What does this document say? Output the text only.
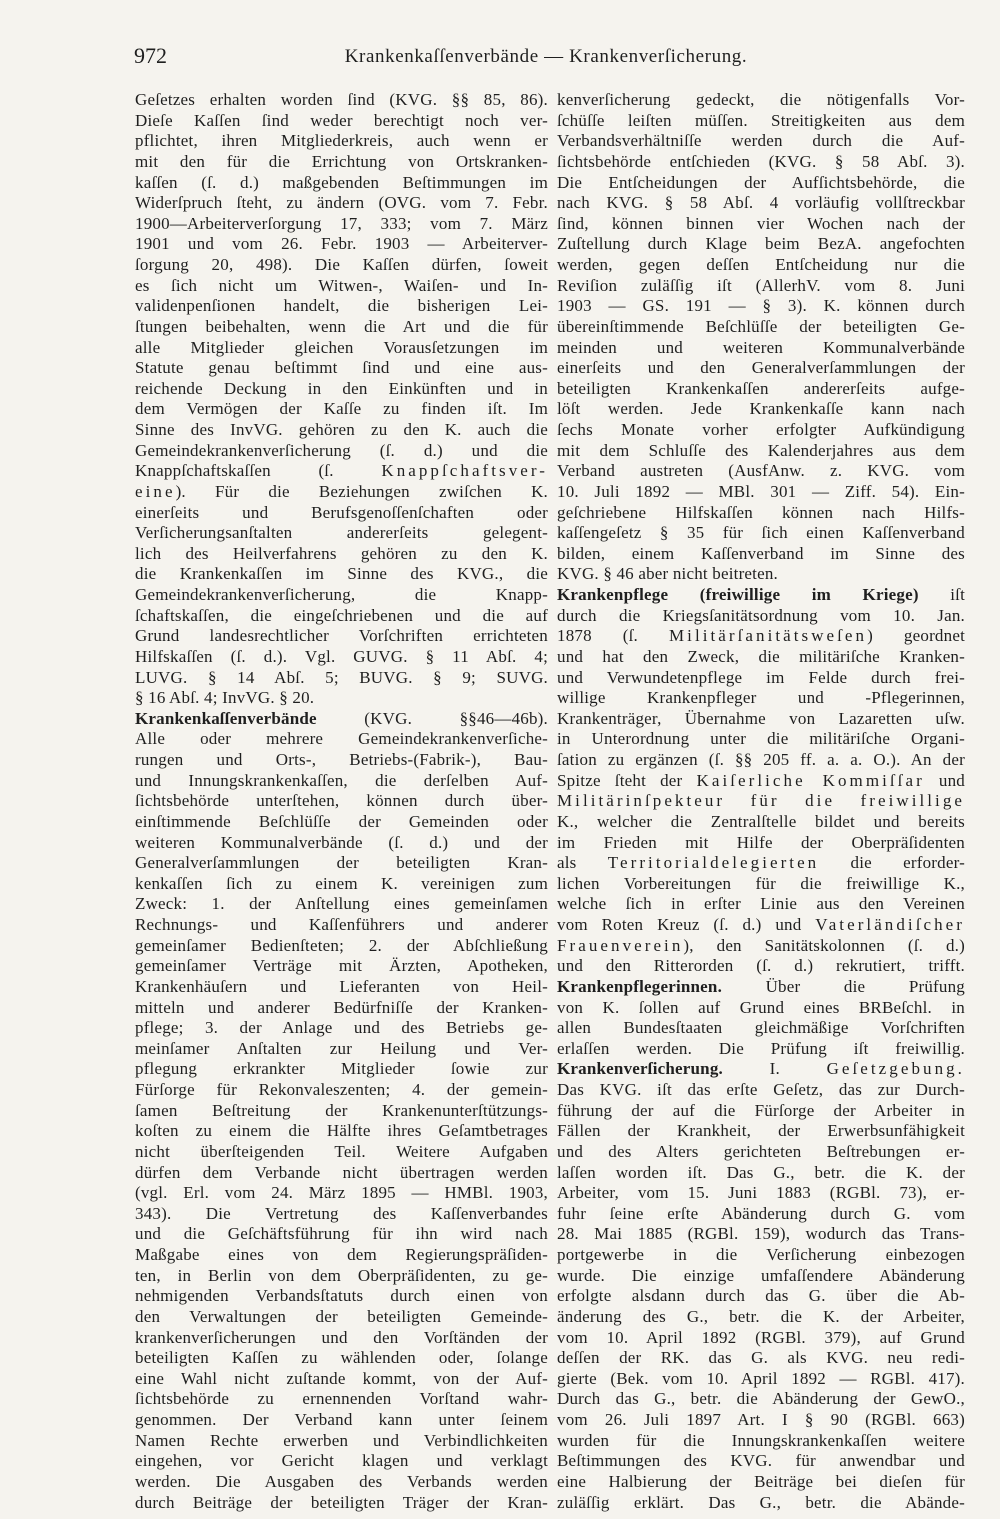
972	Krankenkaſſenverbände — Krankenverſicherung.
Geſetzes erhalten worden ſind (KVG. §§ 85, 86).
Dieſe Kaſſen ſind weder berechtigt noch ver-
pflichtet, ihren Mitgliederkreis, auch wenn er
mit den für die Errichtung von Ortskranken-
kaſſen (ſ. d.) maßgebenden Beſtimmungen im
Widerſpruch ſteht, zu ändern (OVG. vom 7. Febr.
1900—Arbeiterverſorgung 17, 333; vom 7. März
1901 und vom 26. Febr. 1903 — Arbeiterver-
ſorgung 20, 498). Die Kaſſen dürfen, ſoweit
es ſich nicht um Witwen-, Waiſen- und In-
validenpenſionen handelt, die bisherigen Lei-
ſtungen beibehalten, wenn die Art und die für
alle Mitglieder gleichen Vorausſetzungen im
Statute genau beſtimmt ſind und eine aus-
reichende Deckung in den Einkünften und in
dem Vermögen der Kaſſe zu finden iſt. Im
Sinne des InvVG. gehören zu den K. auch die
Gemeindekrankenverſicherung (ſ. d.) und die
Knappſchaftskaſſen (ſ. Knappſchaftsver-
eine). Für die Beziehungen zwiſchen K.
einerſeits und Berufsgenoſſenſchaften oder
Verſicherungsanſtalten andererſeits gelegent-
lich des Heilverfahrens gehören zu den K.
die Krankenkaſſen im Sinne des KVG., die
Gemeindekrankenverſicherung, die Knapp-
ſchaftskaſſen, die eingeſchriebenen und die auf
Grund landesrechtlicher Vorſchriften errichteten
Hilfskaſſen (ſ. d.). Vgl. GUVG. § 11 Abſ. 4;
LUVG. § 14 Abſ. 5; BUVG. § 9; SUVG.
§ 16 Abſ. 4; InvVG. § 20.
Krankenkaſſenverbände (KVG. §§46—46b).
Alle oder mehrere Gemeindekrankenverſiche-
rungen und Orts-, Betriebs-(Fabrik-), Bau-
und Innungskrankenkaſſen, die derſelben Auf-
ſichtsbehörde unterſtehen, können durch über-
einſtimmende Beſchlüſſe der Gemeinden oder
weiteren Kommunalverbände (ſ. d.) und der
Generalverſammlungen der beteiligten Kran-
kenkaſſen ſich zu einem K. vereinigen zum
Zweck: 1. der Anſtellung eines gemeinſamen
Rechnungs- und Kaſſenführers und anderer
gemeinſamer Bedienſteten; 2. der Abſchließung
gemeinſamer Verträge mit Ärzten, Apotheken,
Krankenhäuſern und Lieferanten von Heil-
mitteln und anderer Bedürfniſſe der Kranken-
pflege; 3. der Anlage und des Betriebs ge-
meinſamer Anſtalten zur Heilung und Ver-
pflegung erkrankter Mitglieder ſowie zur
Fürſorge für Rekonvaleszenten; 4. der gemein-
ſamen Beſtreitung der Krankenunterſtützungs-
koſten zu einem die Hälfte ihres Geſamtbetrages
nicht überſteigenden Teil. Weitere Aufgaben
dürfen dem Verbande nicht übertragen werden
(vgl. Erl. vom 24. März 1895 — HMBl. 1903,
343). Die Vertretung des Kaſſenverbandes
und die Geſchäftsführung für ihn wird nach
Maßgabe eines von dem Regierungspräſiden-
ten, in Berlin von dem Oberpräſidenten, zu ge-
nehmigenden Verbandsſtatuts durch einen von
den Verwaltungen der beteiligten Gemeinde-
krankenverſicherungen und den Vorſtänden der
beteiligten Kaſſen zu wählenden oder, ſolange
eine Wahl nicht zuſtande kommt, von der Auf-
ſichtsbehörde zu ernennenden Vorſtand wahr-
genommen. Der Verband kann unter ſeinem
Namen Rechte erwerben und Verbindlichkeiten
eingehen, vor Gericht klagen und verklagt
werden. Die Ausgaben des Verbands werden
durch Beiträge der beteiligten Träger der Kran-
kenverſicherung gedeckt, die nötigenfalls Vor-
ſchüſſe leiſten müſſen. Streitigkeiten aus dem
Verbandsverhältniſſe werden durch die Auf-
ſichtsbehörde entſchieden (KVG. § 58 Abſ. 3).
Die Entſcheidungen der Aufſichtsbehörde, die
nach KVG. § 58 Abſ. 4 vorläufig vollſtreckbar
ſind, können binnen vier Wochen nach der
Zuſtellung durch Klage beim BezA. angefochten
werden, gegen deſſen Entſcheidung nur die
Reviſion zuläſſig iſt (AllerhV. vom 8. Juni
1903 — GS. 191 — § 3). K. können durch
übereinſtimmende Beſchlüſſe der beteiligten Ge-
meinden und weiteren Kommunalverbände
einerſeits und den Generalverſammlungen der
beteiligten Krankenkaſſen andererſeits aufge-
löſt werden. Jede Krankenkaſſe kann nach
ſechs Monate vorher erfolgter Aufkündigung
mit dem Schluſſe des Kalenderjahres aus dem
Verband austreten (AusfAnw. z. KVG. vom
10. Juli 1892 — MBl. 301 — Ziff. 54). Ein-
geſchriebene Hilfskaſſen können nach Hilfs-
kaſſengeſetz § 35 für ſich einen Kaſſenverband
bilden, einem Kaſſenverband im Sinne des
KVG. § 46 aber nicht beitreten.
Krankenpflege (freiwillige im Kriege) iſt
durch die Kriegsſanitätsordnung vom 10. Jan.
1878 (ſ. Militärſanitätsweſen) geordnet
und hat den Zweck, die militäriſche Kranken-
und Verwundetenpflege im Felde durch frei-
willige Krankenpfleger und -Pflegerinnen,
Krankenträger, Übernahme von Lazaretten uſw.
in Unterordnung unter die militäriſche Organi-
ſation zu ergänzen (ſ. §§ 205 ff. a. a. O.). An der
Spitze ſteht der Kaiſerliche Kommiſſar und
Militärinſpekteur für die freiwillige
K., welcher die Zentralſtelle bildet und bereits
im Frieden mit Hilfe der Oberpräſidenten
als Territorialdelegierten die erforder-
lichen Vorbereitungen für die freiwillige K.,
welche ſich in erſter Linie aus den Vereinen
vom Roten Kreuz (ſ. d.) und Vaterländiſcher
Frauenverein), den Sanitätskolonnen (ſ. d.)
und den Ritterorden (ſ. d.) rekrutiert, trifft.
Krankenpflegerinnen. Über die Prüfung
von K. ſollen auf Grund eines BRBeſchl. in
allen Bundesſtaaten gleichmäßige Vorſchriften
erlaſſen werden. Die Prüfung iſt freiwillig.
Krankenverſicherung. I. Geſetzgebung.
Das KVG. iſt das erſte Geſetz, das zur Durch-
führung der auf die Fürſorge der Arbeiter in
Fällen der Krankheit, der Erwerbsunfähigkeit
und des Alters gerichteten Beſtrebungen er-
laſſen worden iſt. Das G., betr. die K. der
Arbeiter, vom 15. Juni 1883 (RGBl. 73), er-
fuhr ſeine erſte Abänderung durch G. vom
28. Mai 1885 (RGBl. 159), wodurch das Trans-
portgewerbe in die Verſicherung einbezogen
wurde. Die einzige umfaſſendere Abänderung
erfolgte alsdann durch das G. über die Ab-
änderung des G., betr. die K. der Arbeiter,
vom 10. April 1892 (RGBl. 379), auf Grund
deſſen der RK. das G. als KVG. neu redi-
gierte (Bek. vom 10. April 1892 — RGBl. 417).
Durch das G., betr. die Abänderung der GewO.,
vom 26. Juli 1897 Art. I § 90 (RGBl. 663)
wurden für die Innungskrankenkaſſen weitere
Beſtimmungen des KVG. für anwendbar und
eine Halbierung der Beiträge bei dieſen für
zuläſſig erklärt. Das G., betr. die Abände-
